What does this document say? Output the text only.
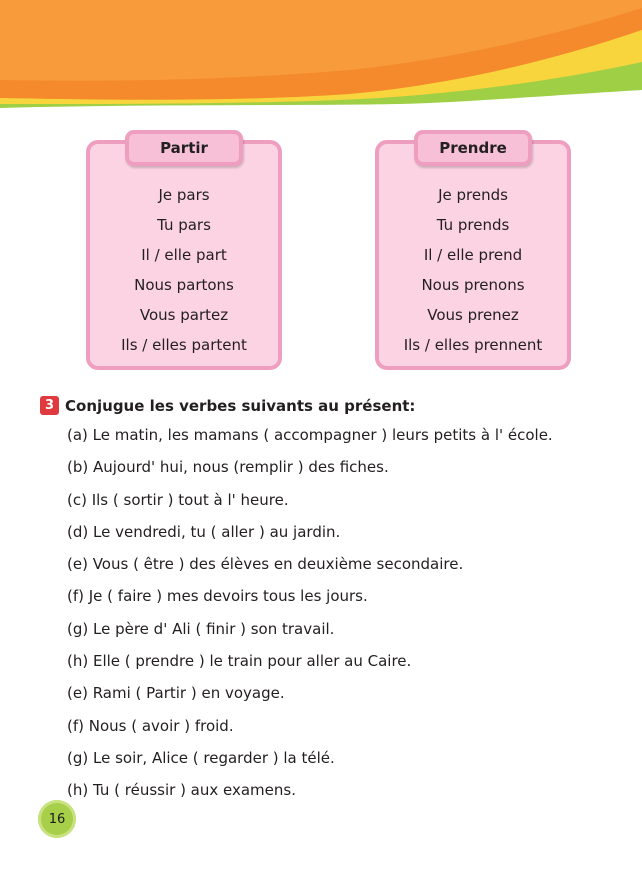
Partir
Je pars
Tu pars
Il / elle part
Nous partons
Vous partez
Ils / elles partent
Prendre
Je prends
Tu prends
Il / elle prend
Nous prenons
Vous prenez
Ils / elles prennent
3 Conjugue les verbes suivants au présent:
(a) Le matin, les mamans ( accompagner ) leurs petits à l' école.
(b) Aujourd' hui, nous (remplir ) des fiches.
(c) Ils ( sortir ) tout à l' heure.
(d) Le vendredi, tu ( aller ) au jardin.
(e) Vous ( être ) des élèves en deuxième secondaire.
(f) Je ( faire ) mes devoirs tous les jours.
(g) Le père d' Ali ( finir ) son travail.
(h) Elle ( prendre ) le train pour aller au Caire.
(e) Rami ( Partir ) en voyage.
(f) Nous ( avoir ) froid.
(g) Le soir, Alice ( regarder ) la télé.
(h) Tu ( réussir ) aux examens.
16
